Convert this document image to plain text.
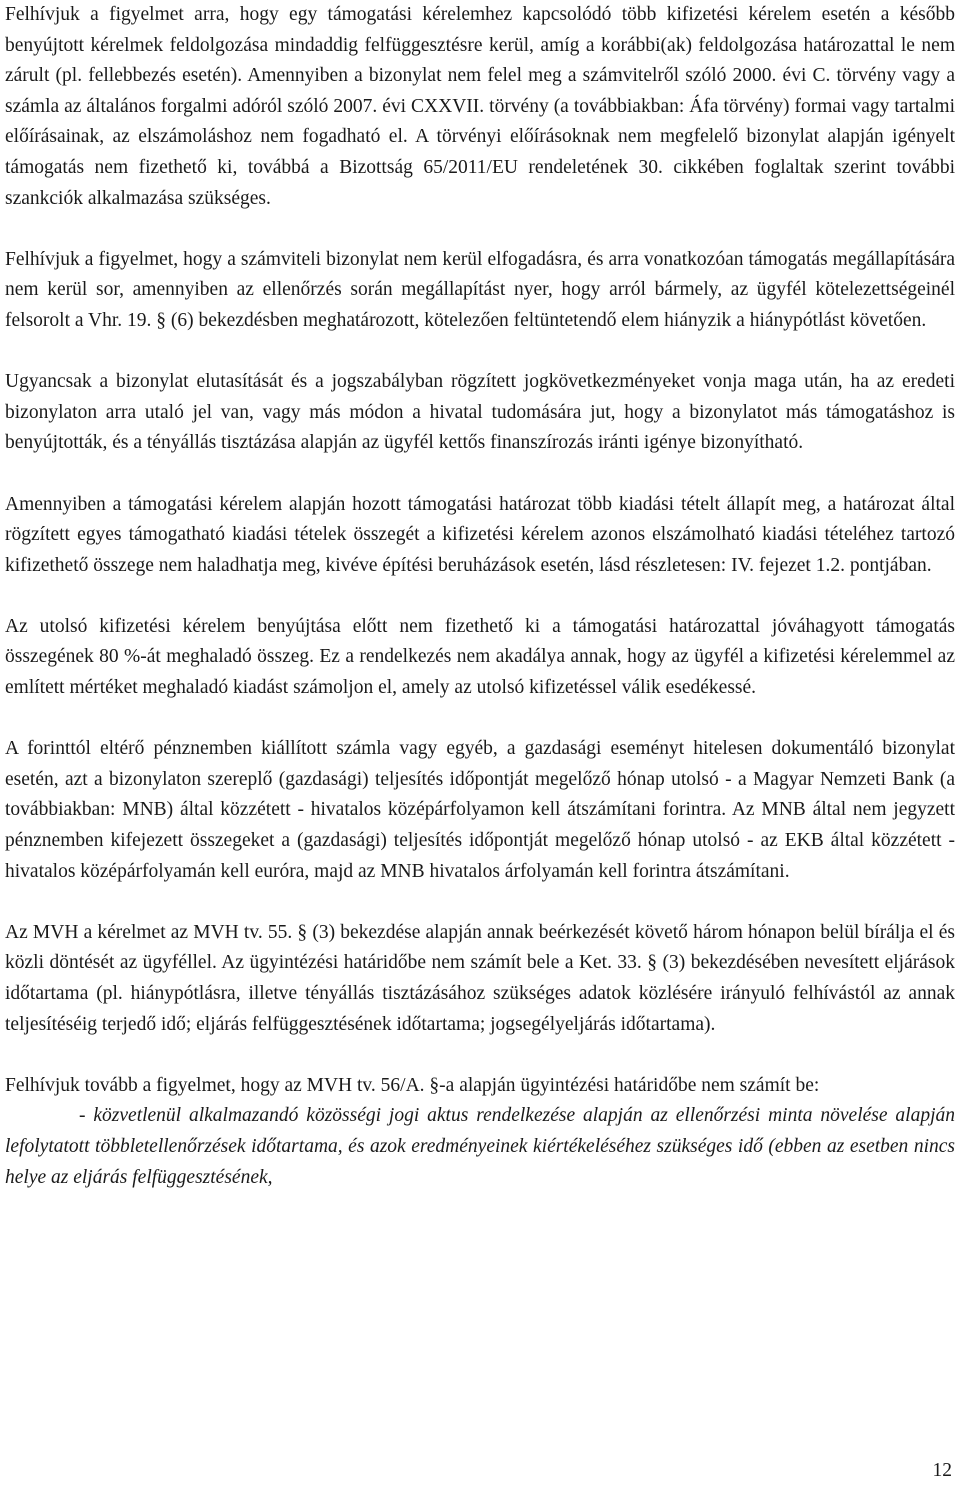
Felhívjuk a figyelmet arra, hogy egy támogatási kérelemhez kapcsolódó több kifizetési kérelem esetén a később benyújtott kérelmek feldolgozása mindaddig felfüggesztésre kerül, amíg a korábbi(ak) feldolgozása határozattal le nem zárult (pl. fellebbezés esetén). Amennyiben a bizonylat nem felel meg a számvitelről szóló 2000. évi C. törvény vagy a számla az általános forgalmi adóról szóló 2007. évi CXXVII. törvény (a továbbiakban: Áfa törvény) formai vagy tartalmi előírásainak, az elszámoláshoz nem fogadható el. A törvényi előírásoknak nem megfelelő bizonylat alapján igényelt támogatás nem fizethető ki, továbbá a Bizottság 65/2011/EU rendeletének 30. cikkében foglaltak szerint további szankciók alkalmazása szükséges.

Felhívjuk a figyelmet, hogy a számviteli bizonylat nem kerül elfogadásra, és arra vonatkozóan támogatás megállapítására nem kerül sor, amennyiben az ellenőrzés során megállapítást nyer, hogy arról bármely, az ügyfél kötelezettségeinél felsorolt a Vhr. 19. § (6) bekezdésben meghatározott, kötelezően feltüntetendő elem hiányzik a hiánypótlást követően.

Ugyancsak a bizonylat elutasítását és a jogszabályban rögzített jogkövetkezményeket vonja maga után, ha az eredeti bizonylaton arra utaló jel van, vagy más módon a hivatal tudomására jut, hogy a bizonylatot más támogatáshoz is benyújtották, és a tényállás tisztázása alapján az ügyfél kettős finanszírozás iránti igénye bizonyítható.

Amennyiben a támogatási kérelem alapján hozott támogatási határozat több kiadási tételt állapít meg, a határozat által rögzített egyes támogatható kiadási tételek összegét a kifizetési kérelem azonos elszámolható kiadási tételéhez tartozó kifizethető összege nem haladhatja meg, kivéve építési beruházások esetén, lásd részletesen: IV. fejezet 1.2. pontjában.

Az utolsó kifizetési kérelem benyújtása előtt nem fizethető ki a támogatási határozattal jóváhagyott támogatás összegének 80 %-át meghaladó összeg. Ez a rendelkezés nem akadálya annak, hogy az ügyfél a kifizetési kérelemmel az említett mértéket meghaladó kiadást számoljon el, amely az utolsó kifizetéssel válik esedékessé.

A forinttól eltérő pénznemben kiállított számla vagy egyéb, a gazdasági eseményt hitelesen dokumentáló bizonylat esetén, azt a bizonylaton szereplő (gazdasági) teljesítés időpontját megelőző hónap utolsó - a Magyar Nemzeti Bank (a továbbiakban: MNB) által közzétett - hivatalos középárfolyamon kell átszámítani forintra. Az MNB által nem jegyzett pénznemben kifejezett összegeket a (gazdasági) teljesítés időpontját megelőző hónap utolsó - az EKB által közzétett - hivatalos középárfolyamán kell euróra, majd az MNB hivatalos árfolyamán kell forintra átszámítani.

Az MVH a kérelmet az MVH tv. 55. § (3) bekezdése alapján annak beérkezését követő három hónapon belül bírálja el és közli döntését az ügyféllel. Az ügyintézési határidőbe nem számít bele a Ket. 33. § (3) bekezdésében nevesített eljárások időtartama (pl. hiánypótlásra, illetve tényállás tisztázásához szükséges adatok közlésére irányuló felhívástól az annak teljesítéséig terjedő idő; eljárás felfüggesztésének időtartama; jogsegélyeljárás időtartama).

Felhívjuk tovább a figyelmet, hogy az MVH tv. 56/A. §-a alapján ügyintézési határidőbe nem számít be:

- közvetlenül alkalmazandó közösségi jogi aktus rendelkezése alapján az ellenőrzési minta növelése alapján lefolytatott többletellenőrzések időtartama, és azok eredményeinek kiértékeléséhez szükséges idő (ebben az esetben nincs helye az eljárás felfüggesztésének,

12
